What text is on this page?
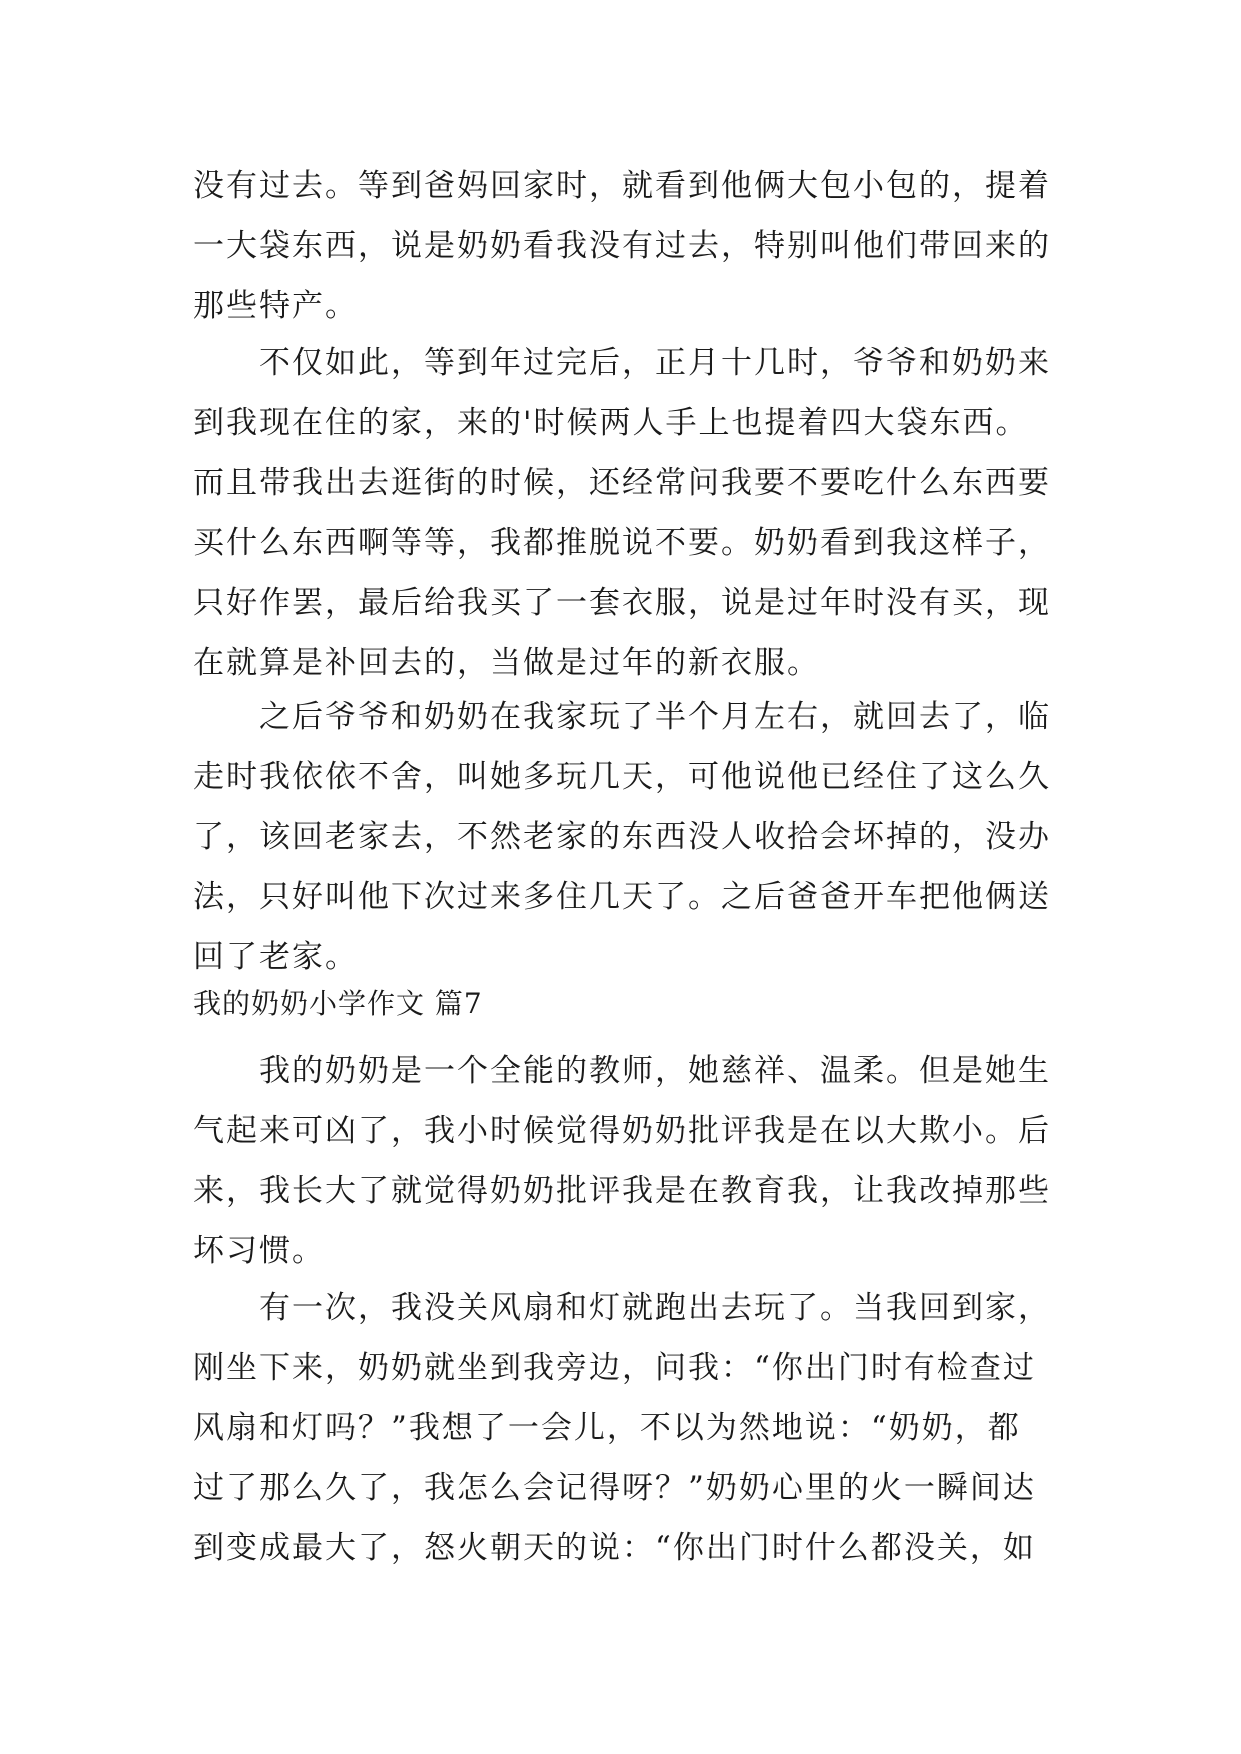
没有过去。等到爸妈回家时，就看到他俩大包小包的，提着
一大袋东西，说是奶奶看我没有过去，特别叫他们带回来的
那些特产。
不仅如此，等到年过完后，正月十几时，爷爷和奶奶来
到我现在住的家，来的'时候两人手上也提着四大袋东西。
而且带我出去逛街的时候，还经常问我要不要吃什么东西要
买什么东西啊等等，我都推脱说不要。奶奶看到我这样子，
只好作罢，最后给我买了一套衣服，说是过年时没有买，现
在就算是补回去的，当做是过年的新衣服。
之后爷爷和奶奶在我家玩了半个月左右，就回去了，临
走时我依依不舍，叫她多玩几天，可他说他已经住了这么久
了，该回老家去，不然老家的东西没人收拾会坏掉的，没办
法，只好叫他下次过来多住几天了。之后爸爸开车把他俩送
回了老家。
我的奶奶小学作文 篇7
我的奶奶是一个全能的教师，她慈祥、温柔。但是她生
气起来可凶了，我小时候觉得奶奶批评我是在以大欺小。后
来，我长大了就觉得奶奶批评我是在教育我，让我改掉那些
坏习惯。
有一次，我没关风扇和灯就跑出去玩了。当我回到家，
刚坐下来，奶奶就坐到我旁边，问我：“你出门时有检查过
风扇和灯吗？”我想了一会儿，不以为然地说：“奶奶，都
过了那么久了，我怎么会记得呀？”奶奶心里的火一瞬间达
到变成最大了，怒火朝天的说：“你出门时什么都没关，如
